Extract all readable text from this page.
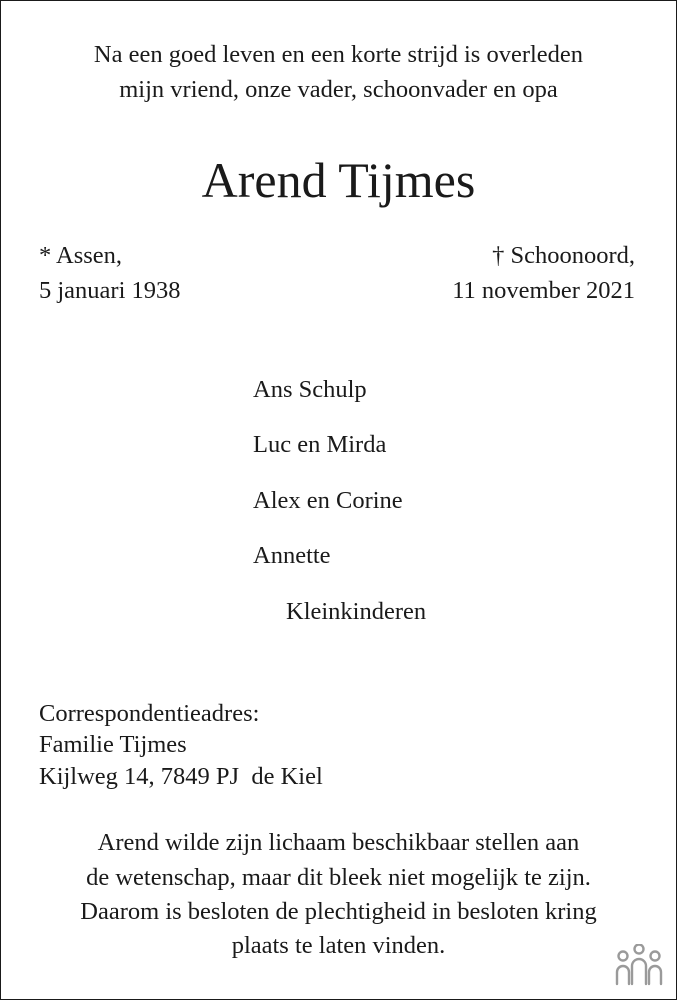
Na een goed leven en een korte strijd is overleden
mijn vriend, onze vader, schoonvader en opa
Arend Tijmes
* Assen,
5 januari 1938
† Schoonoord,
11 november 2021
Ans Schulp
Luc en Mirda
Alex en Corine
Annette
Kleinkinderen
Correspondentieadres:
Familie Tijmes
Kijlweg 14, 7849 PJ  de Kiel
Arend wilde zijn lichaam beschikbaar stellen aan
de wetenschap, maar dit bleek niet mogelijk te zijn.
Daarom is besloten de plechtigheid in besloten kring
plaats te laten vinden.
